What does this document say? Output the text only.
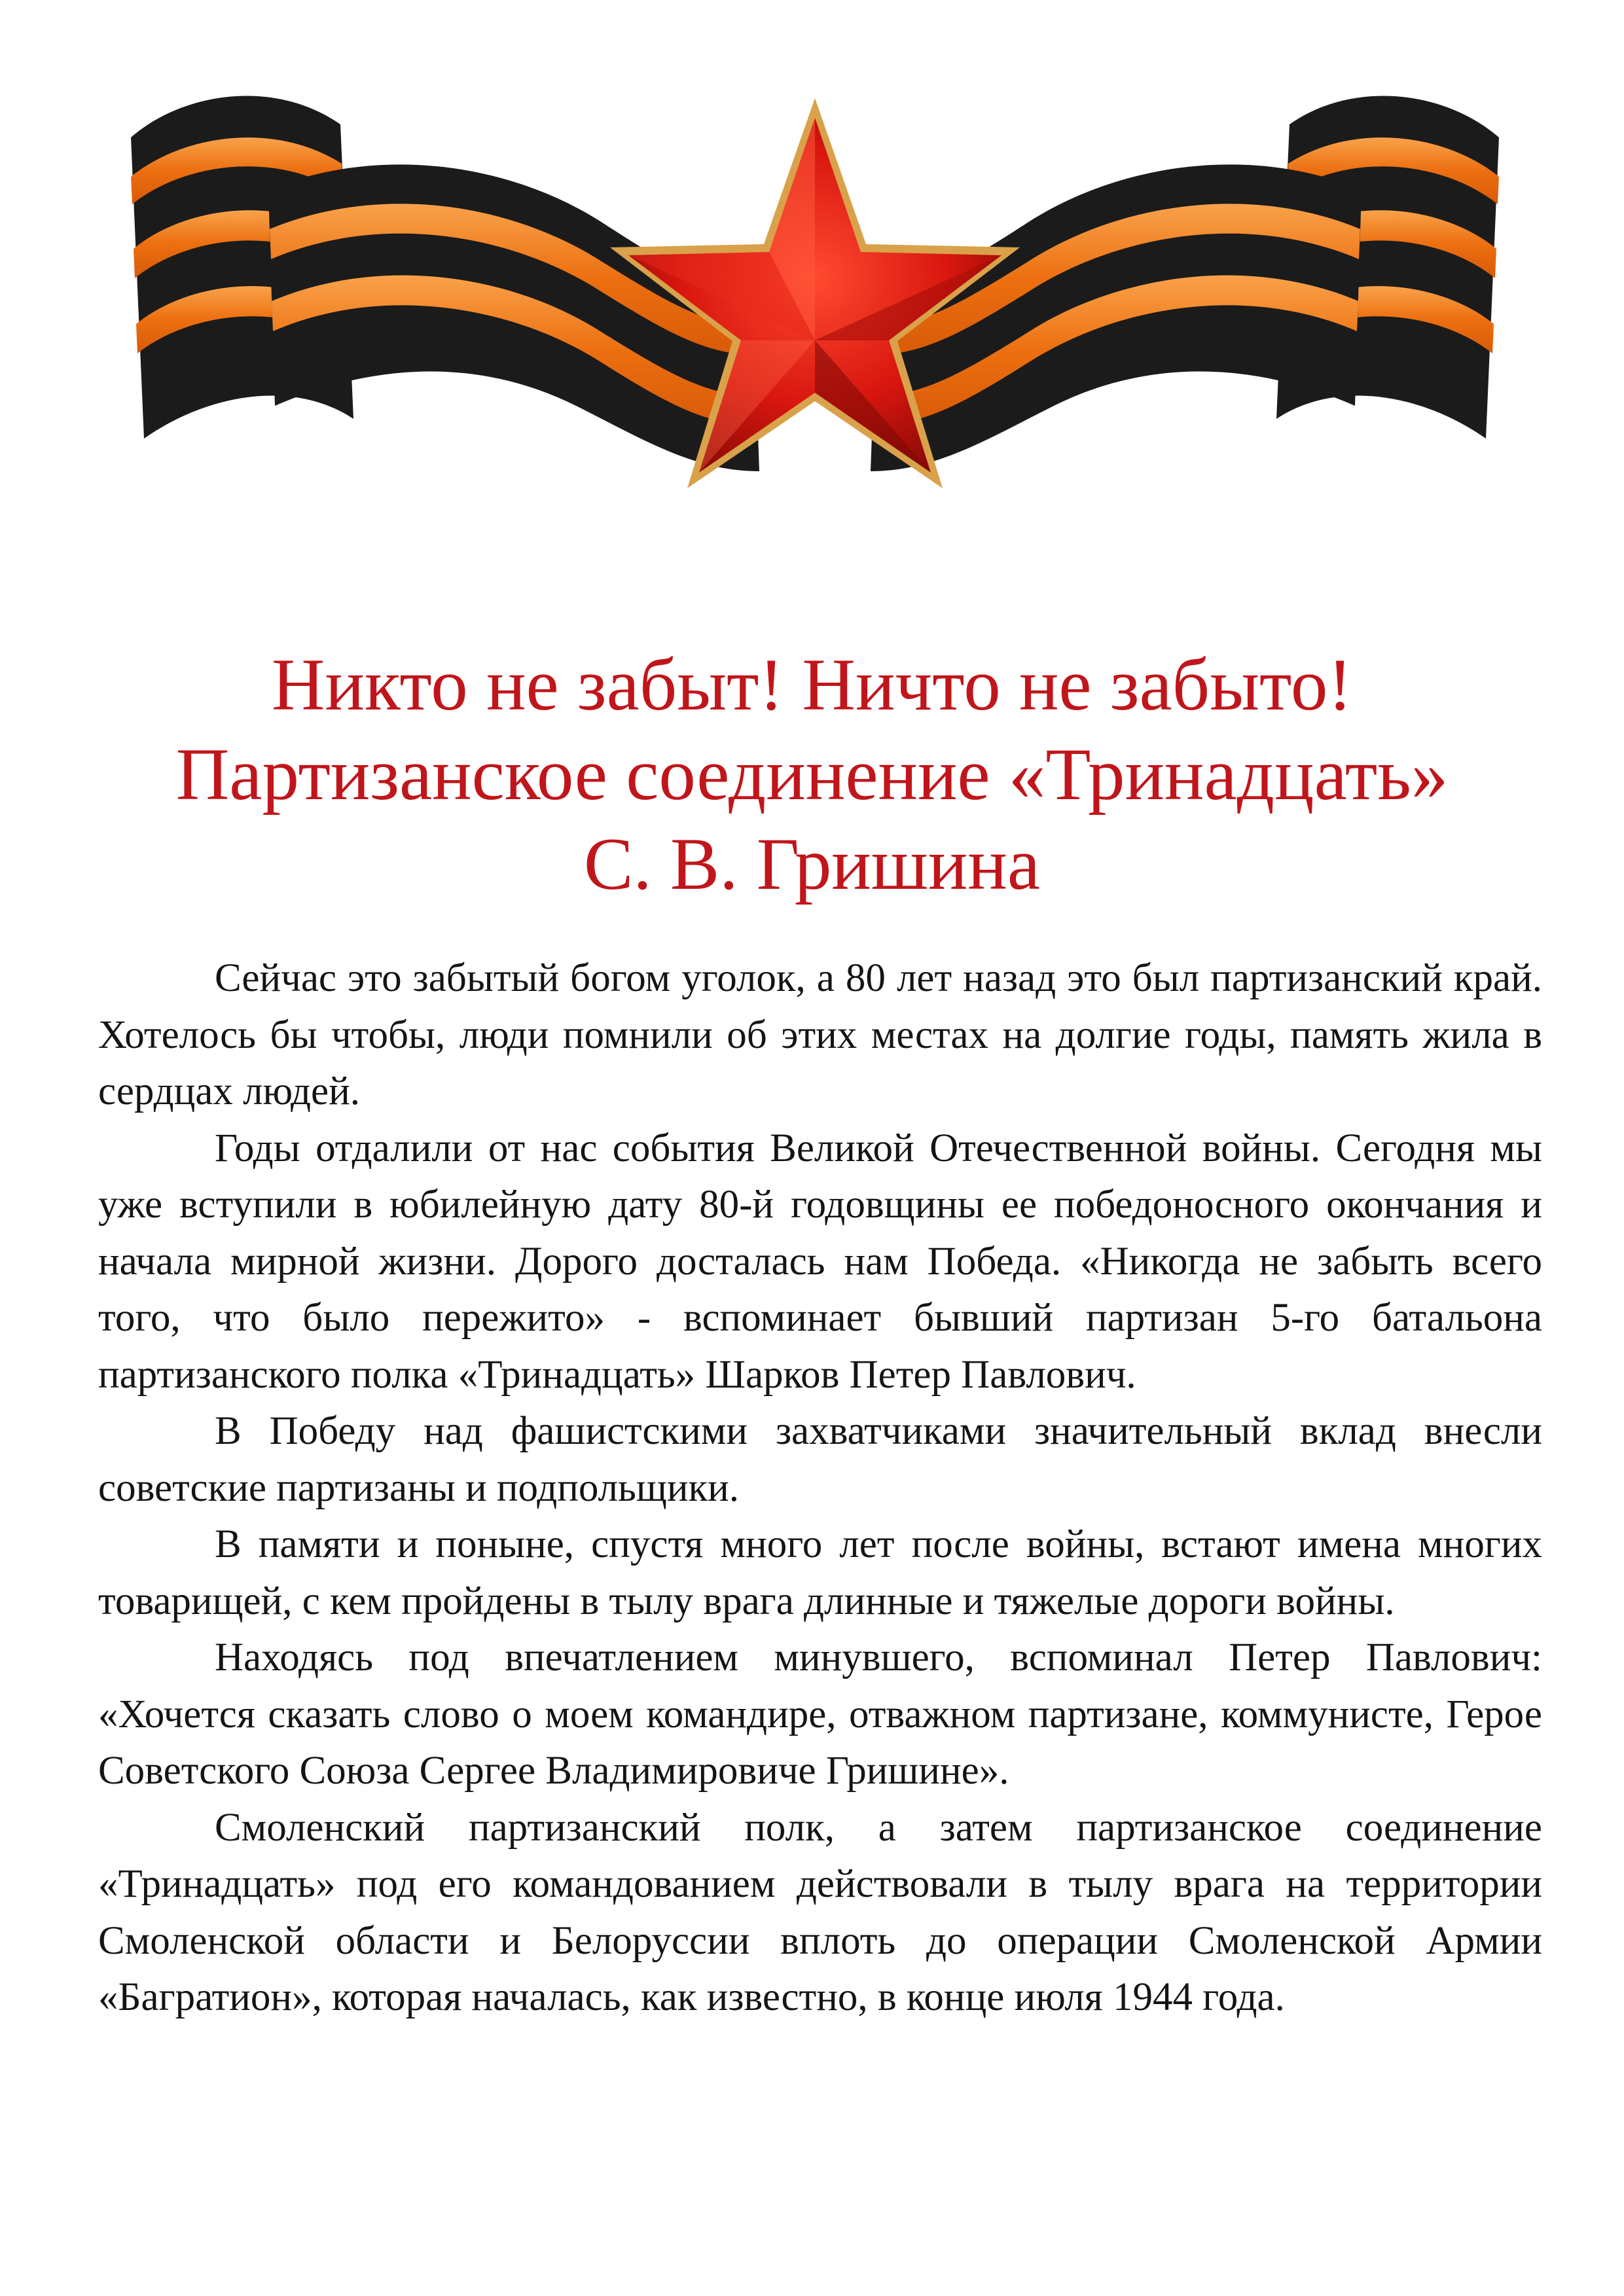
Никто не забыт! Ничто не забыто!
Партизанское соединение «Тринадцать»
С. В. Гришина

Сейчас это забытый богом уголок, а 80 лет назад это был партизанский край. Хотелось бы чтобы, люди помнили об этих местах на долгие годы, память жила в сердцах людей.

Годы отдалили от нас события Великой Отечественной войны. Сегодня мы уже вступили в юбилейную дату 80-й годовщины ее победоносного окончания и начала мирной жизни. Дорого досталась нам Победа. «Никогда не забыть всего того, что было пережито» - вспоминает бывший партизан 5-го батальона партизанского полка «Тринадцать» Шарков Петер Павлович.

В Победу над фашистскими захватчиками значительный вклад внесли советские партизаны и подпольщики.

В памяти и понынe, спустя много лет после войны, встают имена многих товарищей, с кем пройдены в тылу врага длинные и тяжелые дороги войны.

Находясь под впечатлением минувшего, вспоминал Петер Павлович: «Хочется сказать слово о моем командире, отважном партизане, коммунисте, Герое Советского Союза Сергее Владимировиче Гришине».

Смоленский партизанский полк, а затем партизанское соединение «Тринадцать» под его командованием действовали в тылу врага на территории Смоленской области и Белоруссии вплоть до операции Смоленской Армии «Багратион», которая началась, как известно, в конце июля 1944 года.
